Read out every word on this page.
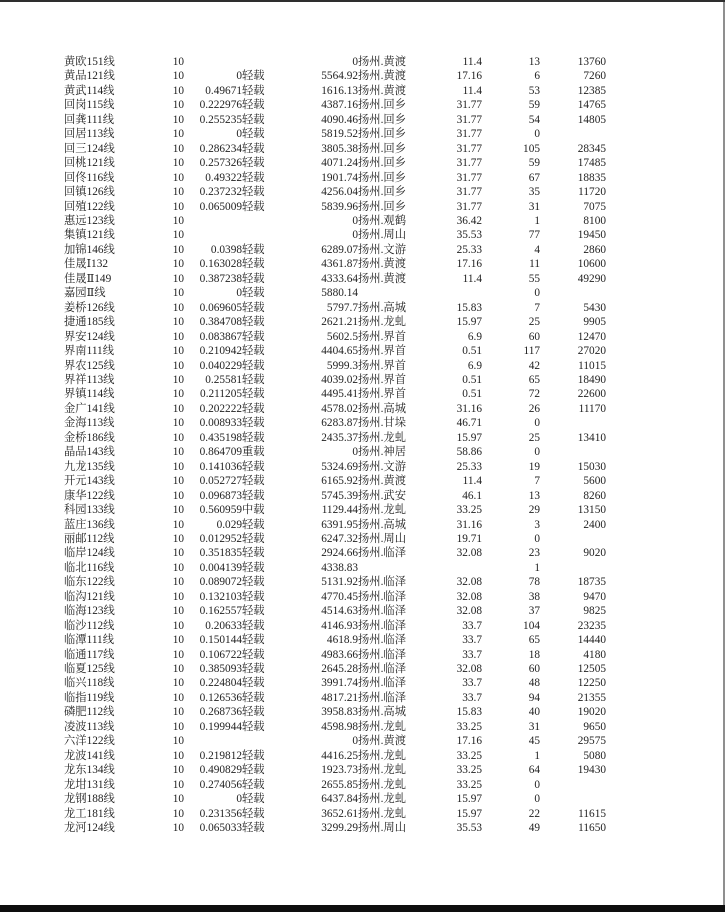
黄欧151线	10			0	扬州.黄渡	11.4	13	13760
黄品121线	10	0	轻载	5564.92	扬州.黄渡	17.16	6	7260
黄武114线	10	0.49671	轻载	1616.13	扬州.黄渡	11.4	53	12385
回岗115线	10	0.222976	轻载	4387.16	扬州.回乡	31.77	59	14765
回龚111线	10	0.255235	轻载	4090.46	扬州.回乡	31.77	54	14805
回居113线	10	0	轻载	5819.52	扬州.回乡	31.77	0	
回三124线	10	0.286234	轻载	3805.38	扬州.回乡	31.77	105	28345
回桃121线	10	0.257326	轻载	4071.24	扬州.回乡	31.77	59	17485
回佟116线	10	0.49322	轻载	1901.74	扬州.回乡	31.77	67	18835
回镇126线	10	0.237232	轻载	4256.04	扬州.回乡	31.77	35	11720
回殖122线	10	0.065009	轻载	5839.96	扬州.回乡	31.77	31	7075
惠远123线	10			0	扬州.观鹤	36.42	1	8100
集镇121线	10			0	扬州.周山	35.53	77	19450
加锦146线	10	0.0398	轻载	6289.07	扬州.文游	25.33	4	2860
佳晟Ⅰ132	10	0.163028	轻载	4361.87	扬州.黄渡	17.16	11	10600
佳晟Ⅱ149	10	0.387238	轻载	4333.64	扬州.黄渡	11.4	55	49290
嘉园Ⅱ线	10	0	轻载	5880.14			0	
姜桥126线	10	0.069605	轻载	5797.7	扬州.高城	15.83	7	5430
捷通185线	10	0.384708	轻载	2621.21	扬州.龙虬	15.97	25	9905
界安124线	10	0.083867	轻载	5602.5	扬州.界首	6.9	60	12470
界南111线	10	0.210942	轻载	4404.65	扬州.界首	0.51	117	27020
界农125线	10	0.040229	轻载	5999.3	扬州.界首	6.9	42	11015
界祥113线	10	0.25581	轻载	4039.02	扬州.界首	0.51	65	18490
界镇114线	10	0.211205	轻载	4495.41	扬州.界首	0.51	72	22600
金广141线	10	0.202222	轻载	4578.02	扬州.高城	31.16	26	11170
金海113线	10	0.008933	轻载	6283.87	扬州.甘垛	46.71	0	
金桥186线	10	0.435198	轻载	2435.37	扬州.龙虬	15.97	25	13410
晶品143线	10	0.864709	重载	0	扬州.神居	58.86	0	
九龙135线	10	0.141036	轻载	5324.69	扬州.文游	25.33	19	15030
开元143线	10	0.052727	轻载	6165.92	扬州.黄渡	11.4	7	5600
康华122线	10	0.096873	轻载	5745.39	扬州.武安	46.1	13	8260
科园133线	10	0.560959	中载	1129.44	扬州.龙虬	33.25	29	13150
蓝庄136线	10	0.029	轻载	6391.95	扬州.高城	31.16	3	2400
丽邮112线	10	0.012952	轻载	6247.32	扬州.周山	19.71	0	
临岸124线	10	0.351835	轻载	2924.66	扬州.临泽	32.08	23	9020
临北116线	10	0.004139	轻载	4338.83			1	
临东122线	10	0.089072	轻载	5131.92	扬州.临泽	32.08	78	18735
临沟121线	10	0.132103	轻载	4770.45	扬州.临泽	32.08	38	9470
临海123线	10	0.162557	轻载	4514.63	扬州.临泽	32.08	37	9825
临沙112线	10	0.20633	轻载	4146.93	扬州.临泽	33.7	104	23235
临潭111线	10	0.150144	轻载	4618.9	扬州.临泽	33.7	65	14440
临通117线	10	0.106722	轻载	4983.66	扬州.临泽	33.7	18	4180
临夏125线	10	0.385093	轻载	2645.28	扬州.临泽	32.08	60	12505
临兴118线	10	0.224804	轻载	3991.74	扬州.临泽	33.7	48	12250
临指119线	10	0.126536	轻载	4817.21	扬州.临泽	33.7	94	21355
磷肥112线	10	0.268736	轻载	3958.83	扬州.高城	15.83	40	19020
凌波113线	10	0.199944	轻载	4598.98	扬州.龙虬	33.25	31	9650
六洋122线	10			0	扬州.黄渡	17.16	45	29575
龙波141线	10	0.219812	轻载	4416.25	扬州.龙虬	33.25	1	5080
龙东134线	10	0.490829	轻载	1923.73	扬州.龙虬	33.25	64	19430
龙坩131线	10	0.274056	轻载	2655.85	扬州.龙虬	33.25	0	
龙钢188线	10	0	轻载	6437.84	扬州.龙虬	15.97	0	
龙工181线	10	0.231356	轻载	3652.61	扬州.龙虬	15.97	22	11615
龙河124线	10	0.065033	轻载	3299.29	扬州.周山	35.53	49	11650
